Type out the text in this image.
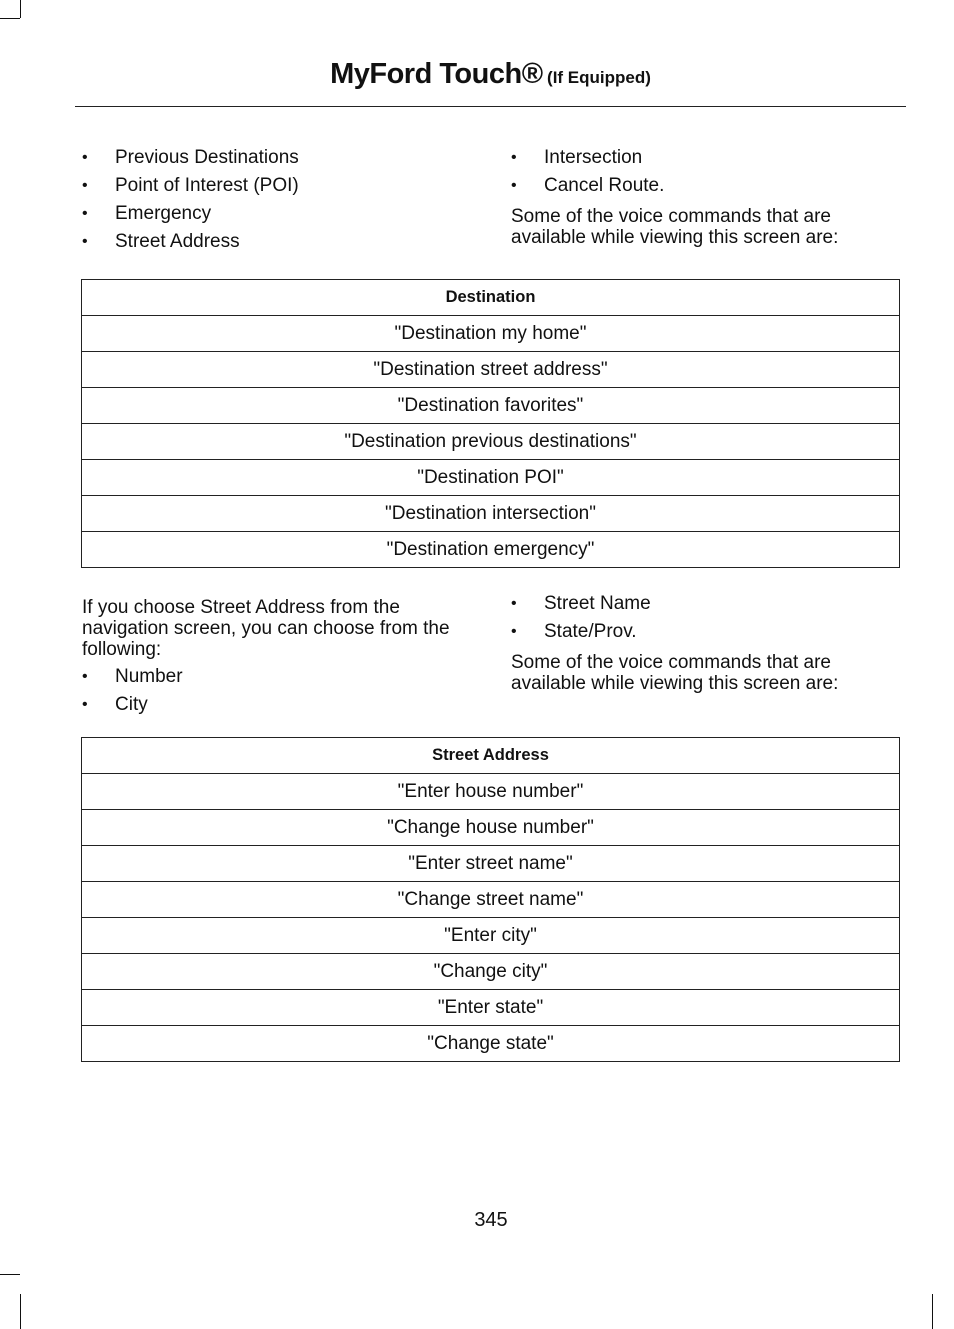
MyFord Touch® (If Equipped)
• Previous Destinations
• Point of Interest (POI)
• Emergency
• Street Address
• Intersection
• Cancel Route.

Some of the voice commands that are available while viewing this screen are:

Destination
"Destination my home"
"Destination street address"
"Destination favorites"
"Destination previous destinations"
"Destination POI"
"Destination intersection"
"Destination emergency"

If you choose Street Address from the navigation screen, you can choose from the following:

• Number
• City
• Street Name
• State/Prov.

Some of the voice commands that are available while viewing this screen are:

Street Address
"Enter house number"
"Change house number"
"Enter street name"
"Change street name"
"Enter city"
"Change city"
"Enter state"
"Change state"
345
